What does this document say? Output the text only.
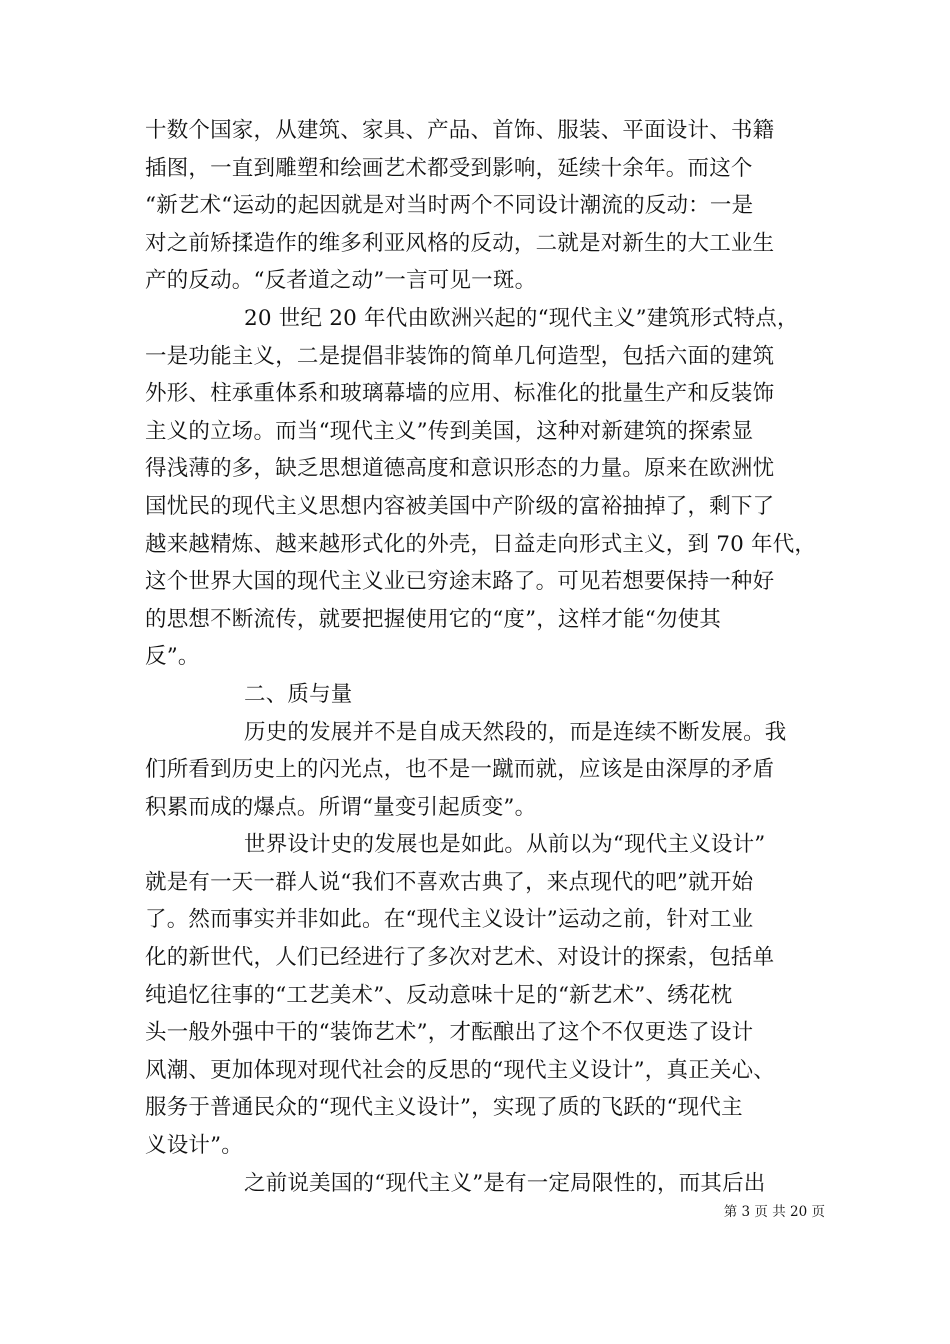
十数个国家，从建筑、家具、产品、首饰、服装、平面设计、书籍
插图，一直到雕塑和绘画艺术都受到影响，延续十余年。而这个
“新艺术“运动的起因就是对当时两个不同设计潮流的反动：一是
对之前矫揉造作的维多利亚风格的反动，二就是对新生的大工业生
产的反动。“反者道之动”一言可见一斑。
20 世纪 20 年代由欧洲兴起的“现代主义”建筑形式特点，
一是功能主义，二是提倡非装饰的简单几何造型，包括六面的建筑
外形、柱承重体系和玻璃幕墙的应用、标准化的批量生产和反装饰
主义的立场。而当“现代主义”传到美国，这种对新建筑的探索显
得浅薄的多，缺乏思想道德高度和意识形态的力量。原来在欧洲忧
国忧民的现代主义思想内容被美国中产阶级的富裕抽掉了，剩下了
越来越精炼、越来越形式化的外壳，日益走向形式主义，到 70 年代，
这个世界大国的现代主义业已穷途末路了。可见若想要保持一种好
的思想不断流传，就要把握使用它的“度”，这样才能“勿使其
反”。
二、质与量
历史的发展并不是自成天然段的，而是连续不断发展。我
们所看到历史上的闪光点，也不是一蹴而就，应该是由深厚的矛盾
积累而成的爆点。所谓“量变引起质变”。
世界设计史的发展也是如此。从前以为“现代主义设计”
就是有一天一群人说“我们不喜欢古典了，来点现代的吧”就开始
了。然而事实并非如此。在“现代主义设计”运动之前，针对工业
化的新世代，人们已经进行了多次对艺术、对设计的探索，包括单
纯追忆往事的“工艺美术”、反动意味十足的“新艺术”、绣花枕
头一般外强中干的“装饰艺术”，才酝酿出了这个不仅更迭了设计
风潮、更加体现对现代社会的反思的“现代主义设计”，真正关心、
服务于普通民众的“现代主义设计”，实现了质的飞跃的“现代主
义设计”。
之前说美国的“现代主义”是有一定局限性的，而其后出
第 3 页 共 20 页
